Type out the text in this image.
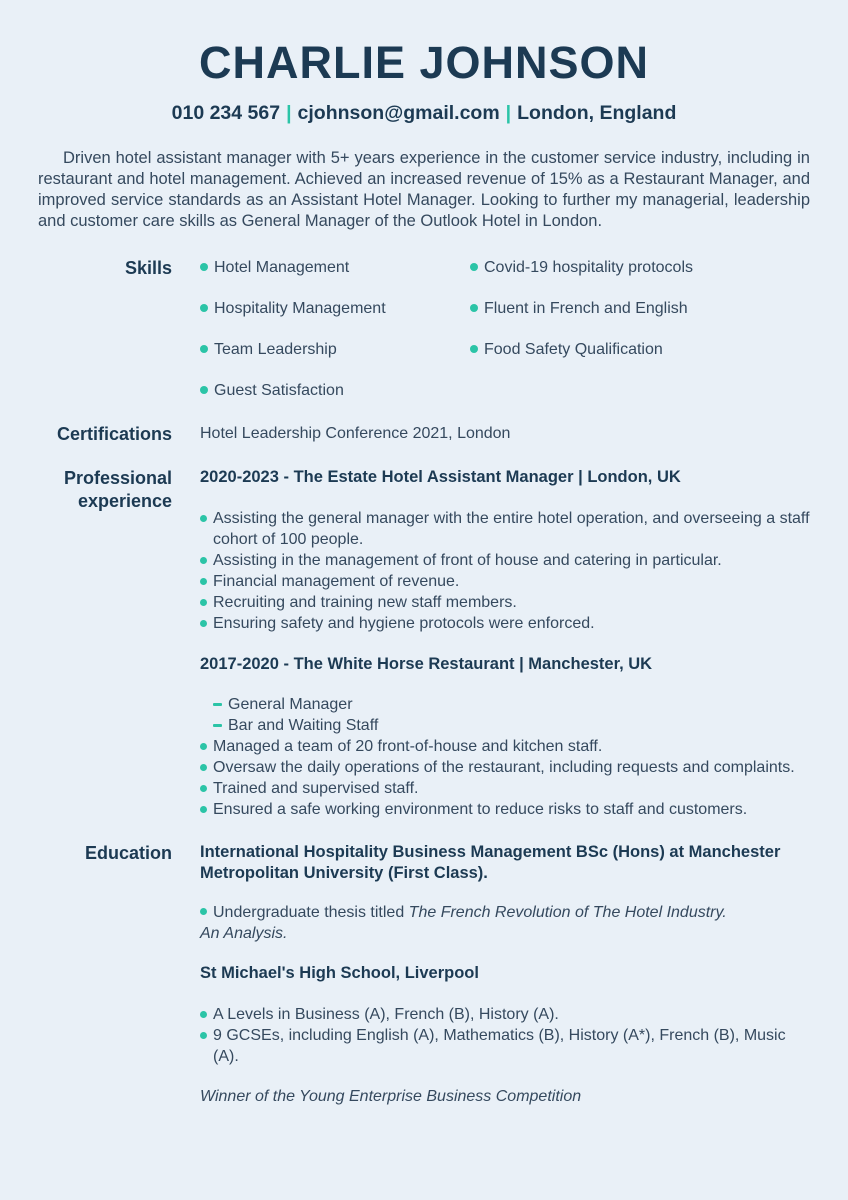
CHARLIE JOHNSON
010 234 567 | cjohnson@gmail.com | London, England

Driven hotel assistant manager with 5+ years experience in the customer service industry, including in restaurant and hotel management. Achieved an increased revenue of 15% as a Restaurant Manager, and improved service standards as an Assistant Hotel Manager. Looking to further my managerial, leadership and customer care skills as General Manager of the Outlook Hotel in London.

Skills	Hotel Management
Hospitality Management
Team Leadership
Guest Satisfaction
Covid-19 hospitality protocols
Fluent in French and English
Food Safety Qualification
Certifications Hotel Leadership Conference 2021, London
Professional experience
2020-2023 - The Estate Hotel Assistant Manager | London, UK
Assisting the general manager with the entire hotel operation, and overseeing a staff cohort of 100 people.
Assisting in the management of front of house and catering in particular.
Financial management of revenue.
Recruiting and training new staff members.
Ensuring safety and hygiene protocols were enforced.
2017-2020 - The White Horse Restaurant | Manchester, UK
General Manager
Bar and Waiting Staff
Managed a team of 20 front-of-house and kitchen staff.
Oversaw the daily operations of the restaurant, including requests and complaints.
Trained and supervised staff.
Ensured a safe working environment to reduce risks to staff and customers.
Education International Hospitality Business Management BSc (Hons) at Manchester Metropolitan University (First Class).

Undergraduate thesis titled The French Revolution of The Hotel Industry.
An Analysis.

St Michael's High School, Liverpool
A Levels in Business (A), French (B), History (A).
9 GCSEs, including English (A), Mathematics (B), History (A*), French (B), Music (A).

Winner of the Young Enterprise Business Competition
